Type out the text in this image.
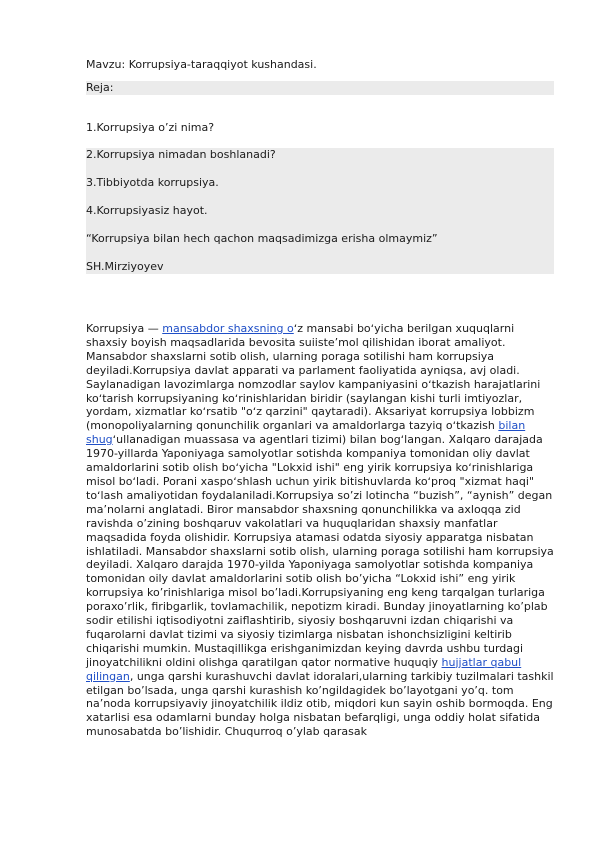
Mavzu: Korrupsiya-taraqqiyot kushandasi.

Reja:

1.Korrupsiya o’zi nima?

2.Korrupsiya nimadan boshlanadi?

3.Tibbiyotda korrupsiya.

4.Korrupsiyasiz hayot.

“Korrupsiya bilan hech qachon maqsadimizga erisha olmaymiz”

SH.Mirziyoyev

Korrupsiya — mansabdor shaxsning oʻz mansabi boʻyicha berilgan xuquqlarni shaxsiy boyish maqsadlarida bevosita suiisteʼmol qilishidan iborat amaliyot. Mansabdor shaxslarni sotib olish, ularning poraga sotilishi ham korrupsiya deyiladi.Korrupsiya davlat apparati va parlament faoliyatida ayniqsa, avj oladi. Saylanadigan lavozimlarga nomzodlar saylov kampaniyasini oʻtkazish harajatlarini koʻtarish korrupsiyaning koʻrinishlaridan biridir (saylangan kishi turli imtiyozlar, yordam, xizmatlar koʻrsatib "oʻz qarzini" qaytaradi). Aksariyat korrupsiya lobbizm (monopoliyalarning qonunchilik organlari va amaldorlarga tazyiq oʻtkazish bilan shugʻullanadigan muassasa va agentlari tizimi) bilan bogʻlangan. Xalqaro darajada 1970-yillarda Yaponiyaga samolyotlar sotishda kompaniya tomonidan oliy davlat amaldorlarini sotib olish boʻyicha "Lokxid ishi" eng yirik korrupsiya koʻrinishlariga misol boʻladi. Porani xaspoʻshlash uchun yirik bitishuvlarda koʻproq "xizmat haqi" toʻlash amaliyotidan foydalaniladi.Korrupsiya so’zi lotincha “buzish”, “aynish” degan ma’nolarni anglatadi. Biror mansabdor shaxsning qonunchilikka va axloqqa zid ravishda o’zining boshqaruv vakolatlari va huquqlaridan shaxsiy manfatlar maqsadida foyda olishidir. Korrupsiya atamasi odatda siyosiy apparatga nisbatan ishlatiladi. Mansabdor shaxslarni sotib olish, ularning poraga sotilishi ham korrupsiya deyiladi. Xalqaro darajda 1970-yilda Yaponiyaga samolyotlar sotishda kompaniya tomonidan oily davlat amaldorlarini sotib olish bo’yicha “Lokxid ishi” eng yirik korrupsiya ko’rinishlariga misol bo’ladi.Korrupsiyaning eng keng tarqalgan turlariga poraxo’rlik, firibgarlik, tovlamachilik, nepotizm kiradi. Bunday jinoyatlarning ko’plab sodir etilishi iqtisodiyotni zaiflashtirib, siyosiy boshqaruvni izdan chiqarishi va fuqarolarni davlat tizimi va siyosiy tizimlarga nisbatan ishonchsizligini keltirib chiqarishi mumkin. Mustaqillikga erishganimizdan keying davrda ushbu turdagi jinoyatchilikni oldini olishga qaratilgan qator normative huquqiy hujjatlar qabul qilingan, unga qarshi kurashuvchi davlat idoralari,ularning tarkibiy tuzilmalari tashkil etilgan bo’lsada, unga qarshi kurashish ko’ngildagidek bo’layotgani yo’q. tom na’noda korrupsiyaviy jinoyatchilik ildiz otib, miqdori kun sayin oshib bormoqda. Eng xatarlisi esa odamlarni bunday holga nisbatan befarqligi, unga oddiy holat sifatida munosabatda bo’lishidir. Chuqurroq o’ylab qarasak
